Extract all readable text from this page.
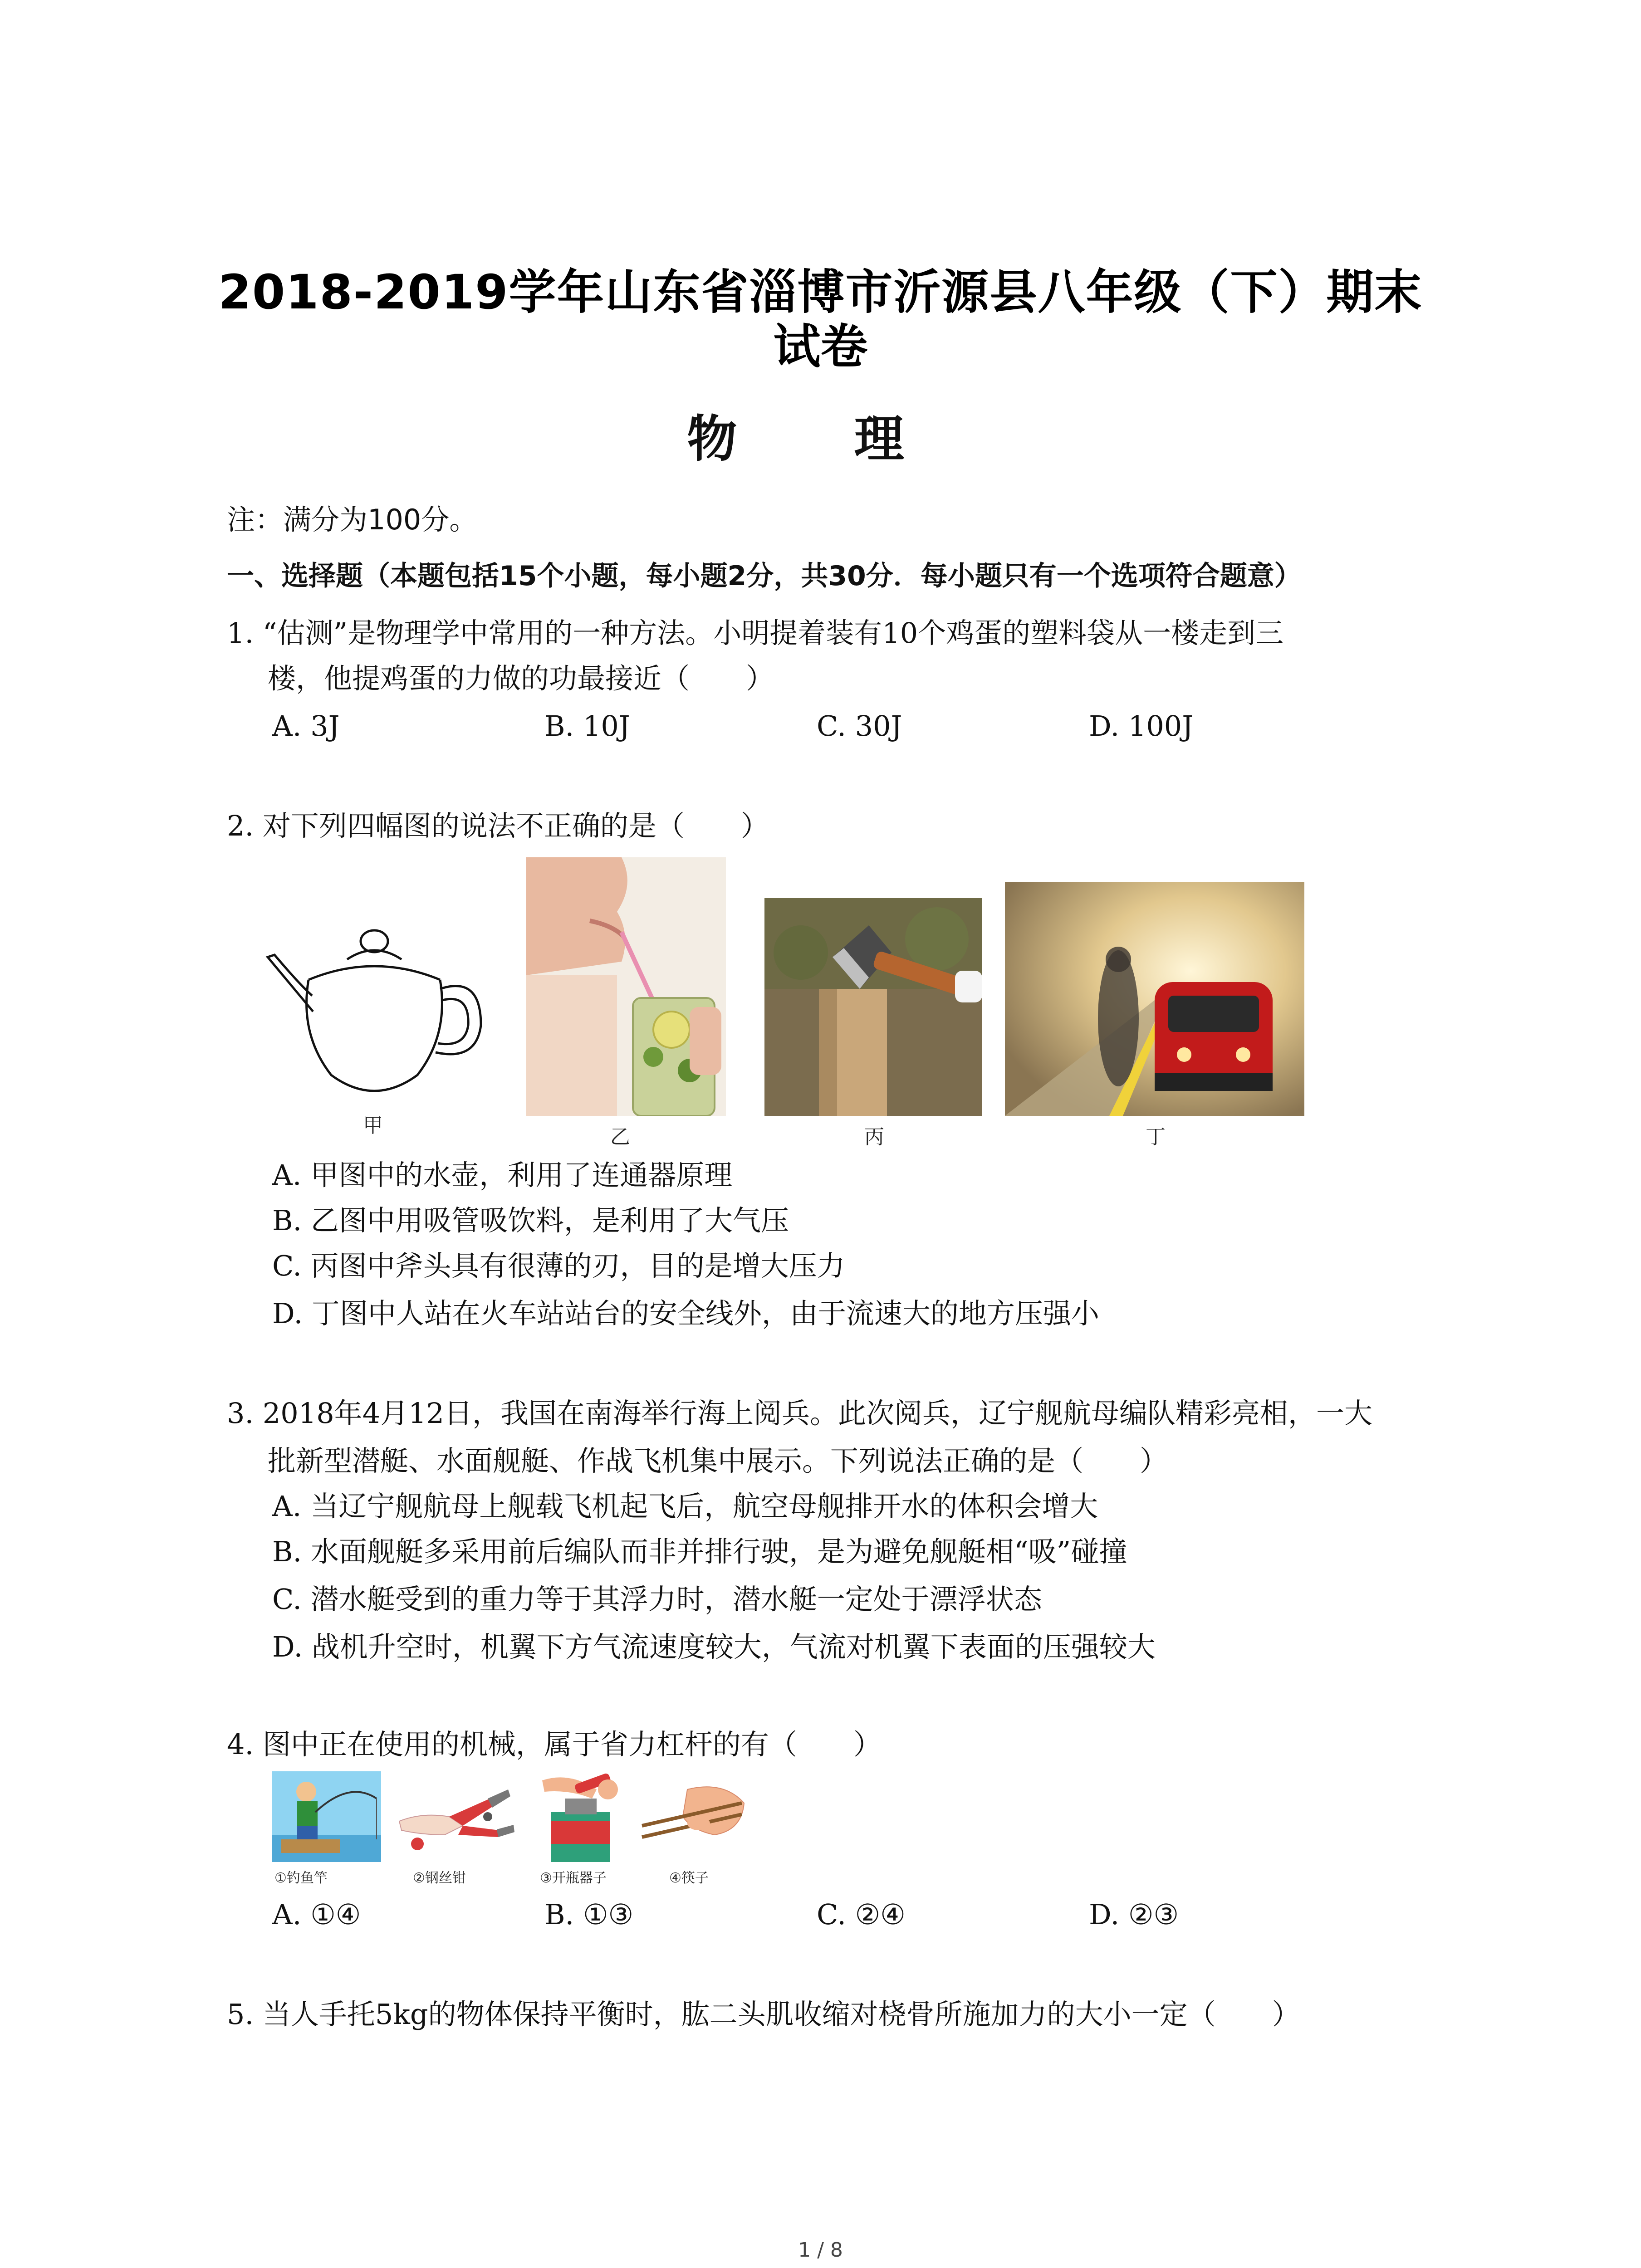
2018-2019学年山东省淄博市沂源县八年级（下）期末
试卷
物 理
注：满分为100分。
一、选择题（本题包括15个小题，每小题2分，共30分．每小题只有一个选项符合题意）
1. “估测”是物理学中常用的一种方法。小明提着装有10个鸡蛋的塑料袋从一楼走到三
楼，他提鸡蛋的力做的功最接近（　　）
A. 3J	B. 10J	C. 30J	D. 100J
2. 对下列四幅图的说法不正确的是（　　）
甲	乙	丙	丁
A. 甲图中的水壶，利用了连通器原理
B. 乙图中用吸管吸饮料，是利用了大气压
C. 丙图中斧头具有很薄的刃，目的是增大压力
D. 丁图中人站在火车站站台的安全线外，由于流速大的地方压强小
3. 2018年4月12日，我国在南海举行海上阅兵。此次阅兵，辽宁舰航母编队精彩亮相，一大
批新型潜艇、水面舰艇、作战飞机集中展示。下列说法正确的是（　　）
A. 当辽宁舰航母上舰载飞机起飞后，航空母舰排开水的体积会增大
B. 水面舰艇多采用前后编队而非并排行驶，是为避免舰艇相“吸”碰撞
C. 潜水艇受到的重力等于其浮力时，潜水艇一定处于漂浮状态
D. 战机升空时，机翼下方气流速度较大，气流对机翼下表面的压强较大
4. 图中正在使用的机械，属于省力杠杆的有（　　）
①钓鱼竿	②钢丝钳	③开瓶器子	④筷子
A. ①④	B. ①③	C. ②④	D. ②③
5. 当人手托5kg的物体保持平衡时，肱二头肌收缩对桡骨所施加力的大小一定（　　）
1 / 8
